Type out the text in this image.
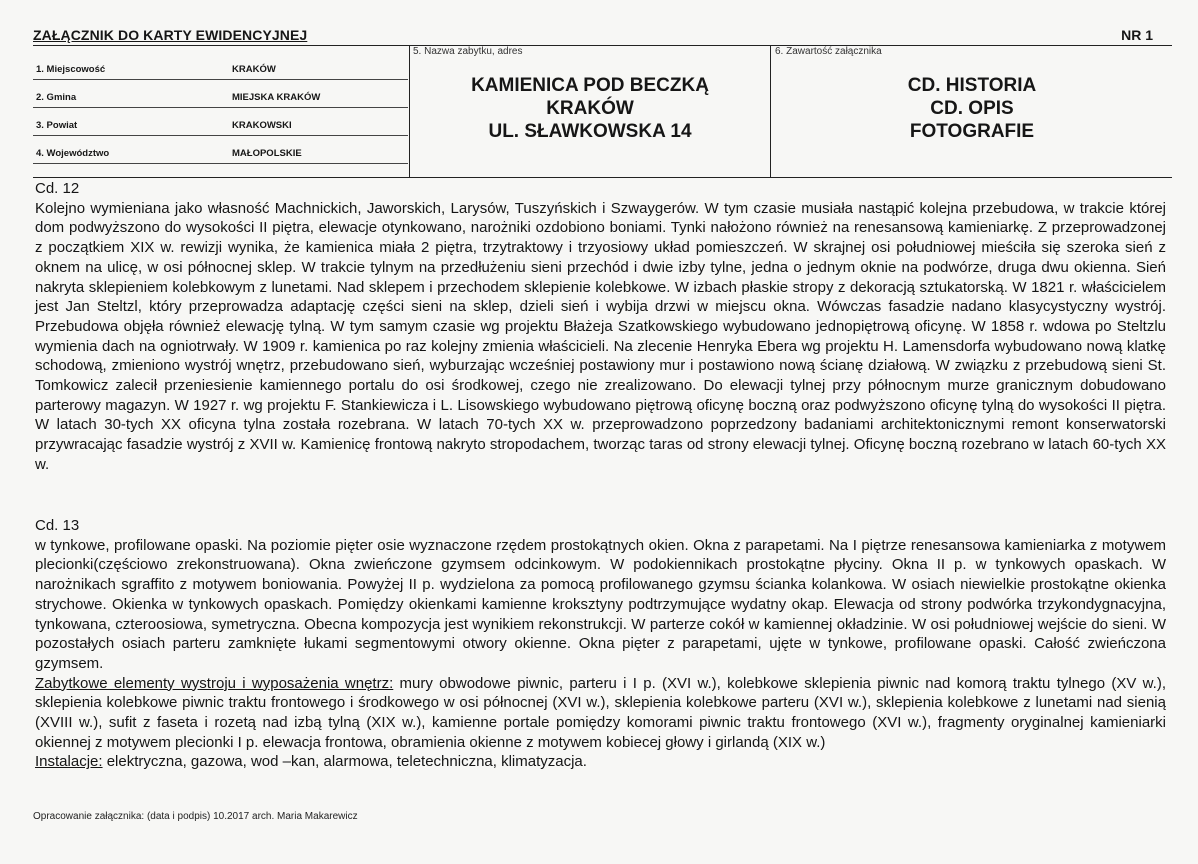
ZAŁĄCZNIK DO KARTY EWIDENCYJNEJ	NR 1
1. Miejscowość	KRAKÓW
2. Gmina	MIEJSKA KRAKÓW
3. Powiat	KRAKOWSKI
4. Województwo	MAŁOPOLSKIE
5. Nazwa zabytku, adres
KAMIENICA POD BECZKĄ
KRAKÓW
UL. SŁAWKOWSKA 14
6. Zawartość załącznika
CD. HISTORIA
CD. OPIS
FOTOGRAFIE
Cd. 12
Kolejno wymieniana jako własność Machnickich, Jaworskich, Larysów, Tuszyńskich i Szwaygerów. W tym czasie musiała nastąpić kolejna przebudowa, w trakcie której dom podwyższono do wysokości II piętra, elewacje otynkowano, narożniki ozdobiono boniami. Tynki nałożono również na renesansową kamieniarkę. Z przeprowadzonej z początkiem XIX w. rewizji wynika, że kamienica miała 2 piętra, trzytraktowy i trzyosiowy układ pomieszczeń. W skrajnej osi południowej mieściła się szeroka sień z oknem na ulicę, w osi północnej sklep. W trakcie tylnym na przedłużeniu sieni przechód i dwie izby tylne, jedna o jednym oknie na podwórze, druga dwu okienna. Sień nakryta sklepieniem kolebkowym z lunetami. Nad sklepem i przechodem sklepienie kolebkowe. W izbach płaskie stropy z dekoracją sztukatorską. W 1821 r. właścicielem jest Jan Steltzl, który przeprowadza adaptację części sieni na sklep, dzieli sień i wybija drzwi w miejscu okna. Wówczas fasadzie nadano klasycystyczny wystrój. Przebudowa objęła również elewację tylną. W tym samym czasie wg projektu Błażeja Szatkowskiego wybudowano jednopiętrową oficynę. W 1858 r. wdowa po Steltzlu wymienia dach na ogniotrwały. W 1909 r. kamienica po raz kolejny zmienia właścicieli. Na zlecenie Henryka Ebera wg projektu H. Lamensdorfa wybudowano nową klatkę schodową, zmieniono wystrój wnętrz, przebudowano sień, wyburzając wcześniej postawiony mur i postawiono nową ścianę działową. W związku z przebudową sieni St. Tomkowicz zalecił przeniesienie kamiennego portalu do osi środkowej, czego nie zrealizowano. Do elewacji tylnej przy północnym murze granicznym dobudowano parterowy magazyn. W 1927 r. wg projektu F. Stankiewicza i L. Lisowskiego wybudowano piętrową oficynę boczną oraz podwyższono oficynę tylną do wysokości II piętra. W latach 30-tych XX oficyna tylna została rozebrana. W latach 70-tych XX w. przeprowadzono poprzedzony badaniami architektonicznymi remont konserwatorski przywracając fasadzie wystrój z XVII w. Kamienicę frontową nakryto stropodachem, tworząc taras od strony elewacji tylnej. Oficynę boczną rozebrano w latach 60-tych XX w.
Cd. 13
w tynkowe, profilowane opaski. Na poziomie pięter osie wyznaczone rzędem prostokątnych okien. Okna z parapetami. Na I piętrze renesansowa kamieniarka z motywem plecionki(częściowo zrekonstruowana). Okna zwieńczone gzymsem odcinkowym. W podokiennikach prostokątne płyciny. Okna II p. w tynkowych opaskach. W narożnikach sgraffito z motywem boniowania. Powyżej II p. wydzielona za pomocą profilowanego gzymsu ścianka kolankowa. W osiach niewielkie prostokątne okienka strychowe. Okienka w tynkowych opaskach. Pomiędzy okienkami kamienne kroksztyny podtrzymujące wydatny okap. Elewacja od strony podwórka trzykondygnacyjna, tynkowana, czteroosiowa, symetryczna. Obecna kompozycja jest wynikiem rekonstrukcji. W parterze cokół w kamiennej okładzinie. W osi południowej wejście do sieni. W pozostałych osiach parteru zamknięte łukami segmentowymi otwory okienne. Okna pięter z parapetami, ujęte w tynkowe, profilowane opaski. Całość zwieńczona gzymsem.
Zabytkowe elementy wystroju i wyposażenia wnętrz: mury obwodowe piwnic, parteru i I p. (XVI w.), kolebkowe sklepienia piwnic nad komorą traktu tylnego (XV w.), sklepienia kolebkowe piwnic traktu frontowego i środkowego w osi północnej (XVI w.), sklepienia kolebkowe parteru (XVI w.), sklepienia kolebkowe z lunetami nad sienią (XVIII w.), sufit z faseta i rozetą nad izbą tylną (XIX w.), kamienne portale pomiędzy komorami piwnic traktu frontowego (XVI w.), fragmenty oryginalnej kamieniarki okiennej z motywem plecionki I p. elewacja frontowa, obramienia okienne z motywem kobiecej głowy i girlandą (XIX w.)
Instalacje: elektryczna, gazowa, wod –kan, alarmowa, teletechniczna, klimatyzacja.
Opracowanie załącznika: (data i podpis) 10.2017 arch. Maria Makarewicz
